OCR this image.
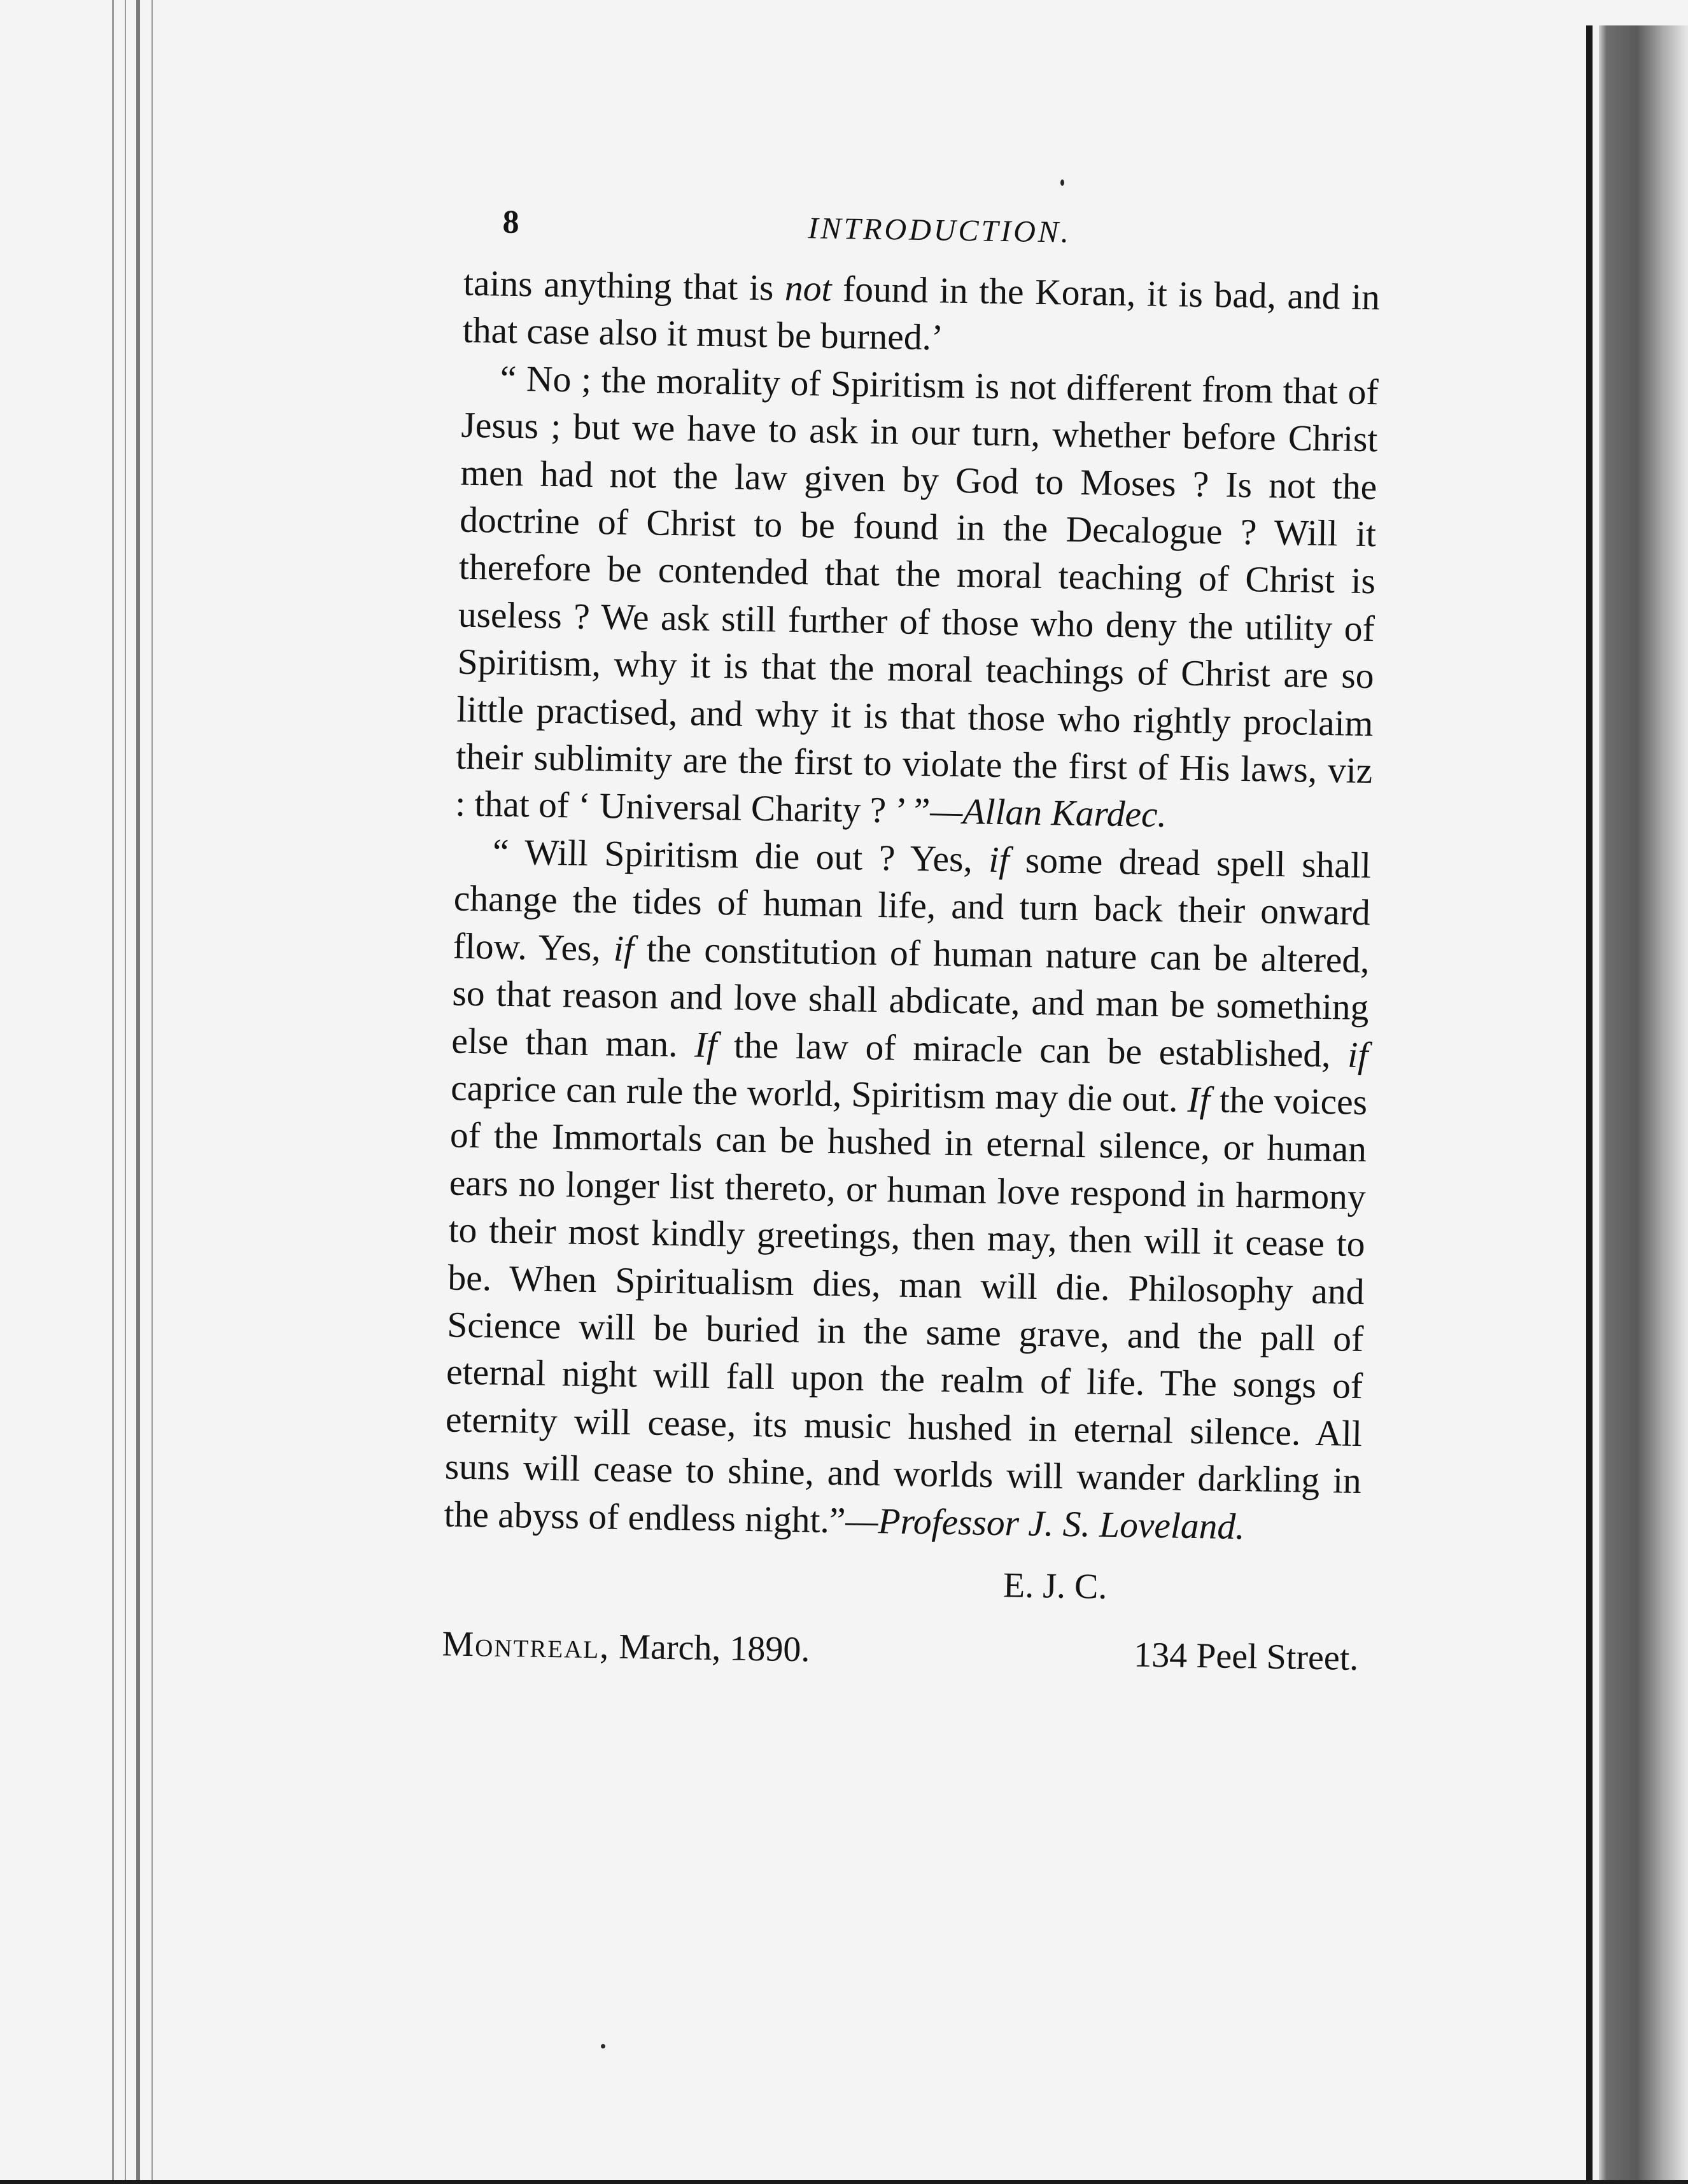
8	INTRODUCTION.

tains anything that is not found in the Koran, it is bad, and in that case also it must be burned.’

“ No ; the morality of Spiritism is not different from that of Jesus ; but we have to ask in our turn, whether before Christ men had not the law given by God to Moses ? Is not the doctrine of Christ to be found in the Decalogue ? Will it therefore be contended that the moral teaching of Christ is useless ? We ask still further of those who deny the utility of Spiritism, why it is that the moral teachings of Christ are so little practised, and why it is that those who rightly proclaim their sublimity are the first to violate the first of His laws, viz : that of ‘ Universal Charity ? ’ ”—Allan Kardec.

“ Will Spiritism die out ? Yes, if some dread spell shall change the tides of human life, and turn back their onward flow. Yes, if the constitution of human nature can be altered, so that reason and love shall abdicate, and man be something else than man. If the law of miracle can be established, if caprice can rule the world, Spiritism may die out. If the voices of the Immortals can be hushed in eternal silence, or human ears no longer list thereto, or human love respond in harmony to their most kindly greetings, then may, then will it cease to be. When Spiritualism dies, man will die. Philosophy and Science will be buried in the same grave, and the pall of eternal night will fall upon the realm of life. The songs of eternity will cease, its music hushed in eternal silence. All suns will cease to shine, and worlds will wander darkling in the abyss of endless night.”—Professor J. S. Loveland.

E. J. C.
Montreal, March, 1890.	134 Peel Street.
